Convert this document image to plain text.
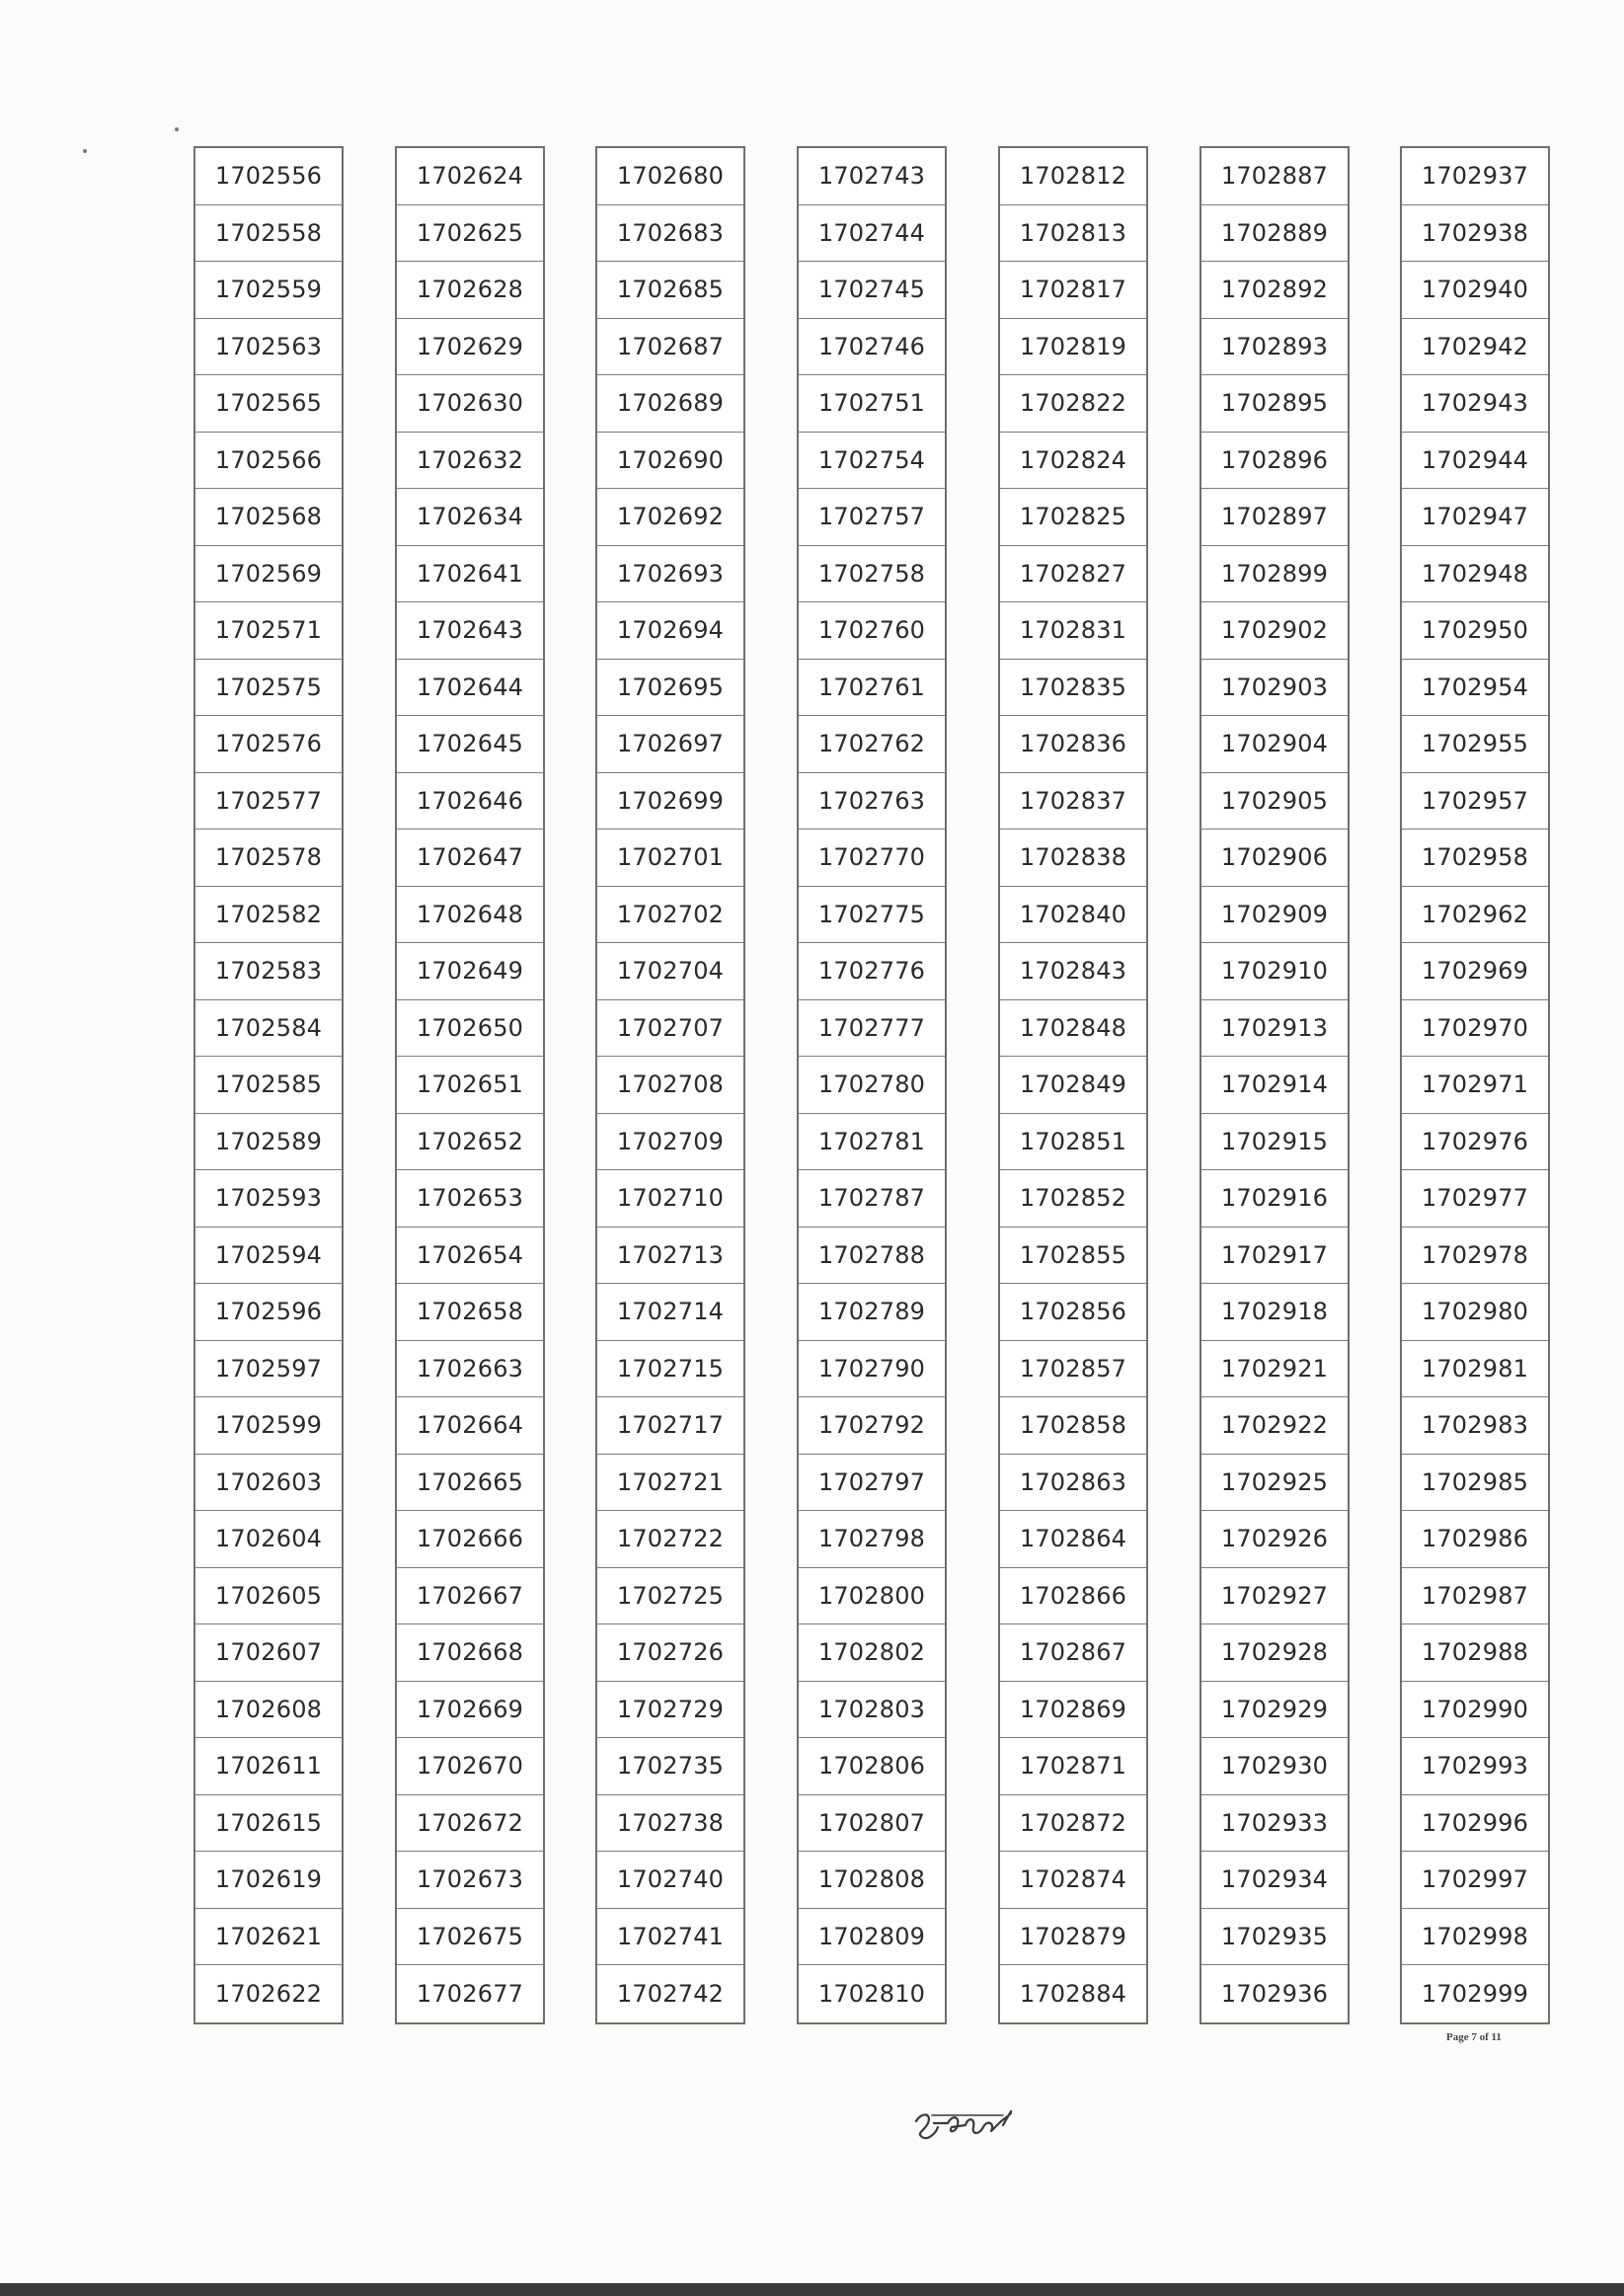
1702556
1702558
1702559
1702563
1702565
1702566
1702568
1702569
1702571
1702575
1702576
1702577
1702578
1702582
1702583
1702584
1702585
1702589
1702593
1702594
1702596
1702597
1702599
1702603
1702604
1702605
1702607
1702608
1702611
1702615
1702619
1702621
1702622
1702624
1702625
1702628
1702629
1702630
1702632
1702634
1702641
1702643
1702644
1702645
1702646
1702647
1702648
1702649
1702650
1702651
1702652
1702653
1702654
1702658
1702663
1702664
1702665
1702666
1702667
1702668
1702669
1702670
1702672
1702673
1702675
1702677
1702680
1702683
1702685
1702687
1702689
1702690
1702692
1702693
1702694
1702695
1702697
1702699
1702701
1702702
1702704
1702707
1702708
1702709
1702710
1702713
1702714
1702715
1702717
1702721
1702722
1702725
1702726
1702729
1702735
1702738
1702740
1702741
1702742
1702743
1702744
1702745
1702746
1702751
1702754
1702757
1702758
1702760
1702761
1702762
1702763
1702770
1702775
1702776
1702777
1702780
1702781
1702787
1702788
1702789
1702790
1702792
1702797
1702798
1702800
1702802
1702803
1702806
1702807
1702808
1702809
1702810
1702812
1702813
1702817
1702819
1702822
1702824
1702825
1702827
1702831
1702835
1702836
1702837
1702838
1702840
1702843
1702848
1702849
1702851
1702852
1702855
1702856
1702857
1702858
1702863
1702864
1702866
1702867
1702869
1702871
1702872
1702874
1702879
1702884
1702887
1702889
1702892
1702893
1702895
1702896
1702897
1702899
1702902
1702903
1702904
1702905
1702906
1702909
1702910
1702913
1702914
1702915
1702916
1702917
1702918
1702921
1702922
1702925
1702926
1702927
1702928
1702929
1702930
1702933
1702934
1702935
1702936
1702937
1702938
1702940
1702942
1702943
1702944
1702947
1702948
1702950
1702954
1702955
1702957
1702958
1702962
1702969
1702970
1702971
1702976
1702977
1702978
1702980
1702981
1702983
1702985
1702986
1702987
1702988
1702990
1702993
1702996
1702997
1702998
1702999
Page 7 of 11
